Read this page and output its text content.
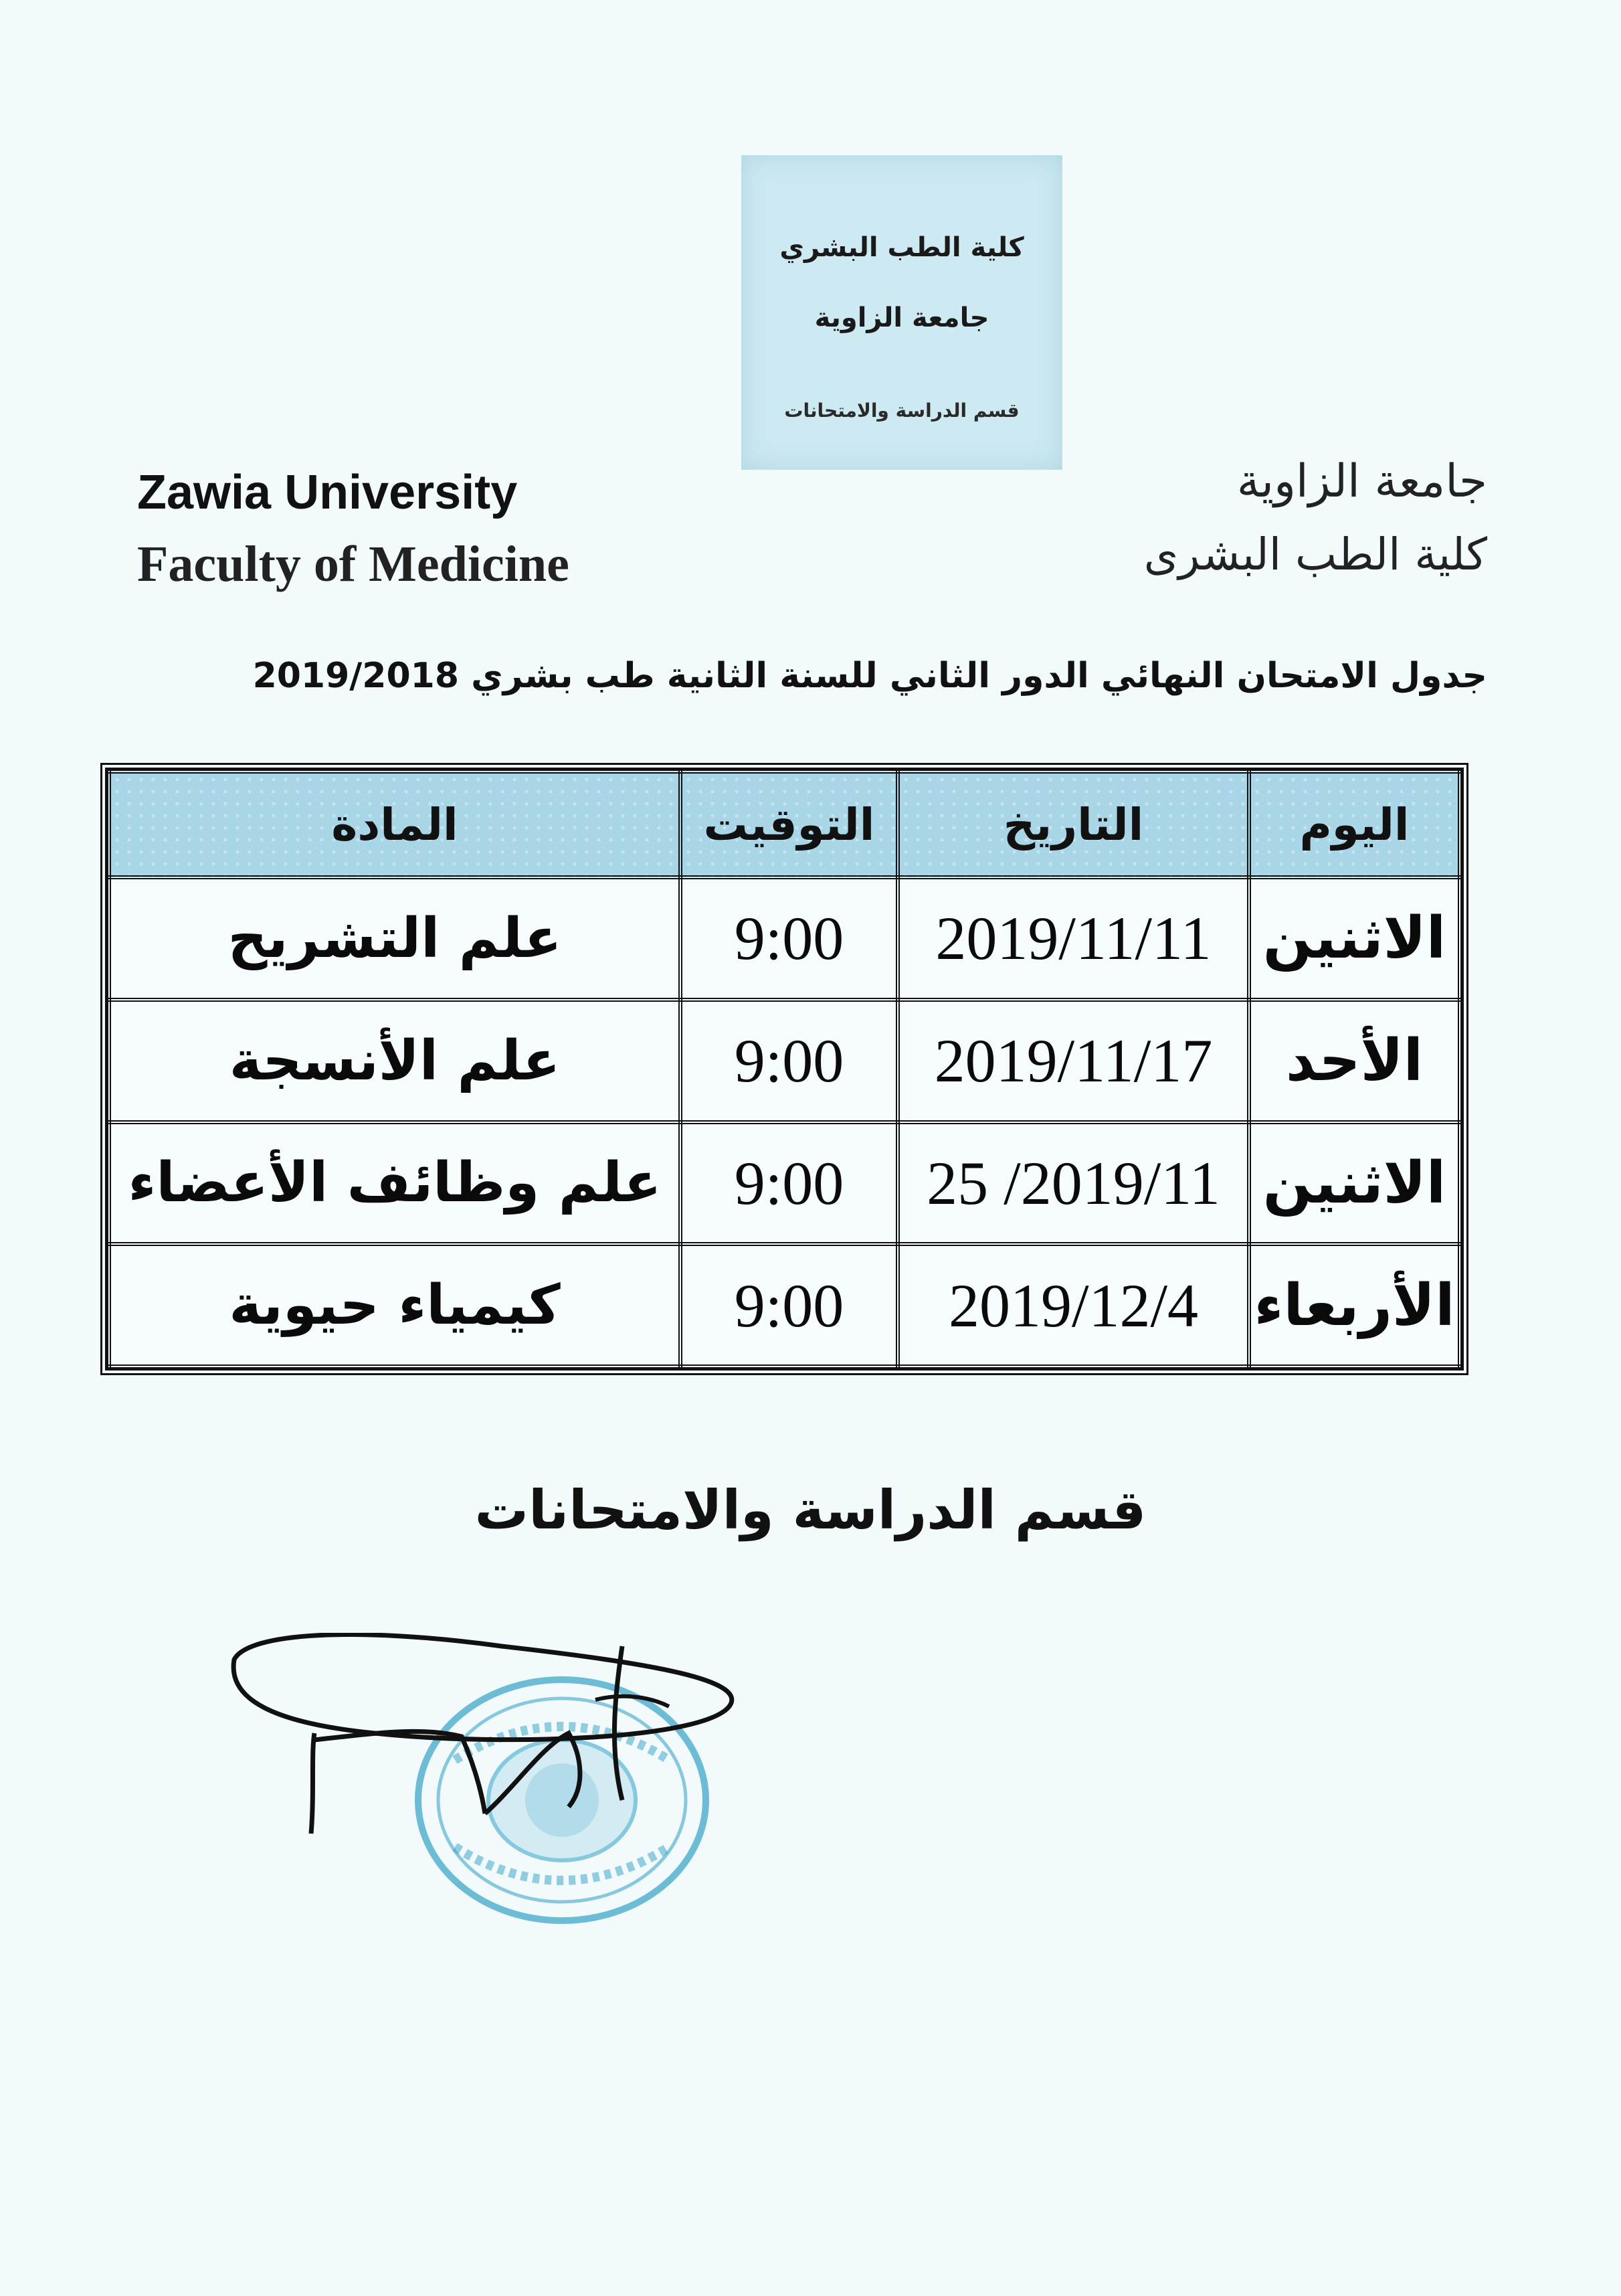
كلية الطب البشري
جامعة الزاوية
قسم الدراسة والامتحانات
Zawia University
Faculty of Medicine
جامعة الزاوية
كلية الطب البشرى
جدول الامتحان النهائي الدور الثاني للسنة الثانية طب بشري 2019/2018
اليوم	التاريخ	التوقيت	المادة
الاثنين	2019/11/11	9:00	علم التشريح
الأحد	2019/11/17	9:00	علم الأنسجة
الاثنين	2019/11/ 25	9:00	علم وظائف الأعضاء
الأربعاء	2019/12/4	9:00	كيمياء حيوية
قسم الدراسة والامتحانات
